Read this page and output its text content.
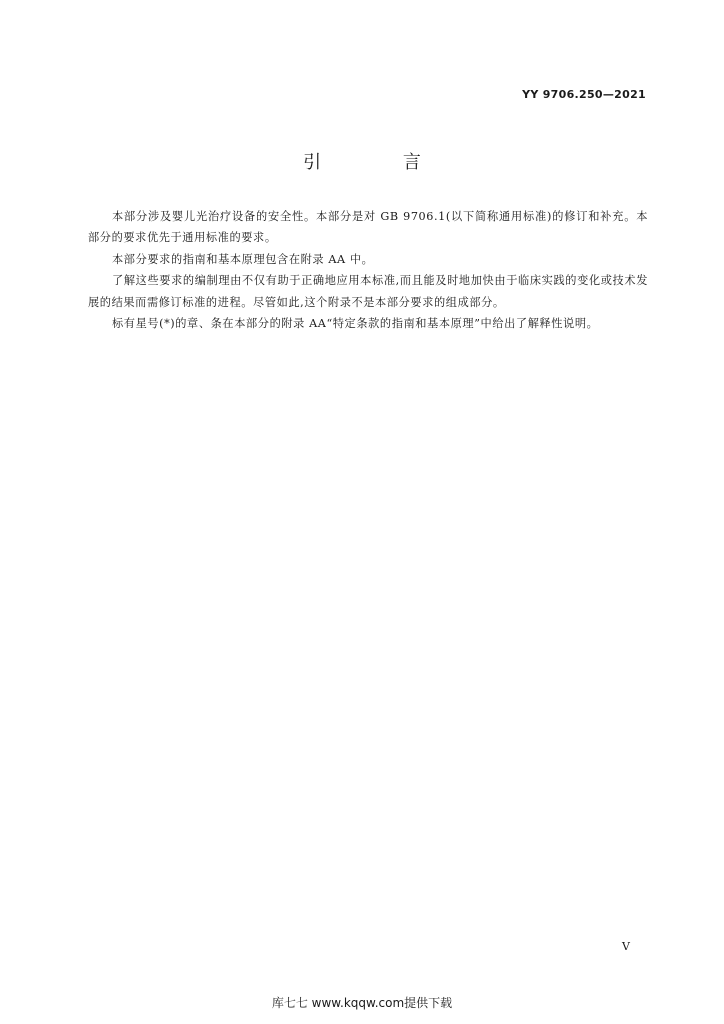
YY 9706.250—2021
引 言

本部分涉及婴儿光治疗设备的安全性。本部分是对 GB 9706.1(以下简称通用标准)的修订和补充。本部分的要求优先于通用标准的要求。

本部分要求的指南和基本原理包含在附录 AA 中。

了解这些要求的编制理由不仅有助于正确地应用本标准,而且能及时地加快由于临床实践的变化或技术发展的结果而需修订标准的进程。尽管如此,这个附录不是本部分要求的组成部分。

标有星号(*)的章、条在本部分的附录 AA“特定条款的指南和基本原理”中给出了解释性说明。

V
库七七 www.kqqw.com提供下载
